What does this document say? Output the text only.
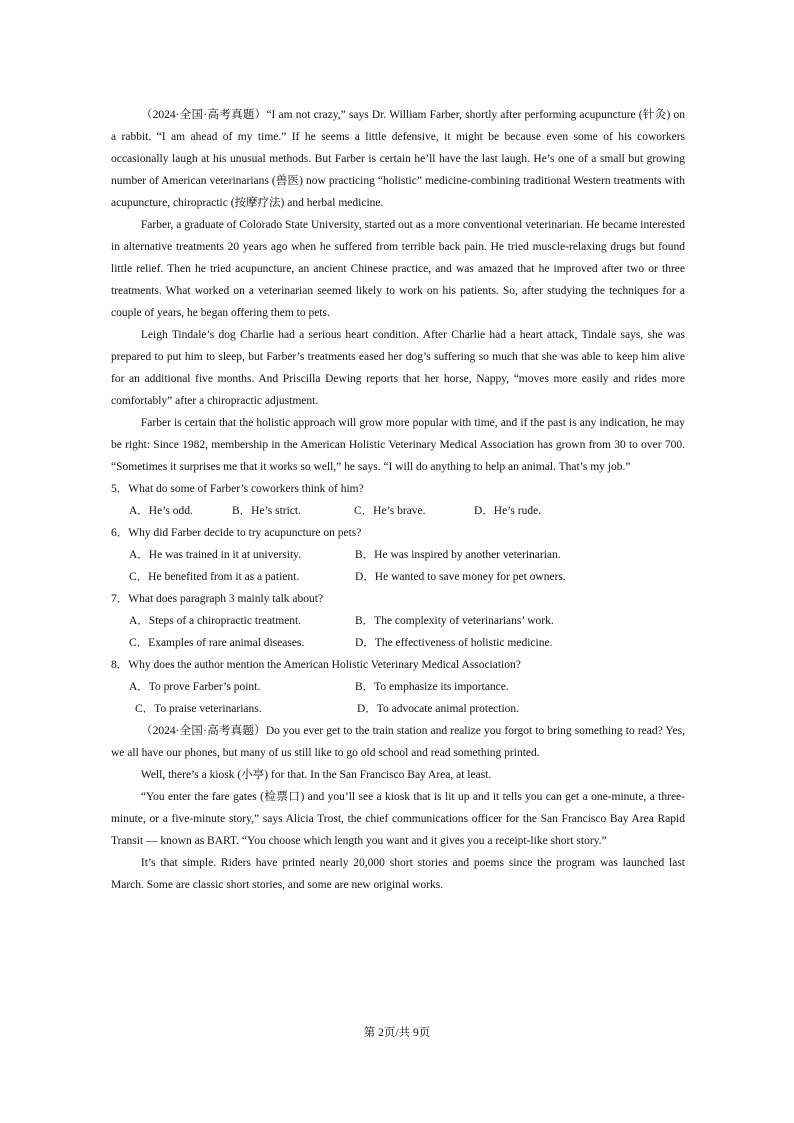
（2024·全国·高考真题）“I am not crazy,” says Dr. William Farber, shortly after performing acupuncture (针灸) on a rabbit. “I am ahead of my time.” If he seems a little defensive, it might be because even some of his coworkers occasionally laugh at his unusual methods. But Farber is certain he’ll have the last laugh. He’s one of a small but growing number of American veterinarians (兽医) now practicing “holistic” medicine-combining traditional Western treatments with acupuncture, chiropractic (按摩疗法) and herbal medicine.

Farber, a graduate of Colorado State University, started out as a more conventional veterinarian. He became interested in alternative treatments 20 years ago when he suffered from terrible back pain. He tried muscle-relaxing drugs but found little relief. Then he tried acupuncture, an ancient Chinese practice, and was amazed that he improved after two or three treatments. What worked on a veterinarian seemed likely to work on his patients. So, after studying the techniques for a couple of years, he began offering them to pets.

Leigh Tindale’s dog Charlie had a serious heart condition. After Charlie had a heart attack, Tindale says, she was prepared to put him to sleep, but Farber’s treatments eased her dog’s suffering so much that she was able to keep him alive for an additional five months. And Priscilla Dewing reports that her horse, Nappy, “moves more easily and rides more comfortably” after a chiropractic adjustment.

Farber is certain that the holistic approach will grow more popular with time, and if the past is any indication, he may be right: Since 1982, membership in the American Holistic Veterinary Medical Association has grown from 30 to over 700. “Sometimes it surprises me that it works so well,” he says. “I will do anything to help an animal. That’s my job.”

5．What do some of Farber’s coworkers think of him?

A．He’s odd.	B．He’s strict.	C．He’s brave.	D．He’s rude.

6．Why did Farber decide to try acupuncture on pets?

A．He was trained in it at university.	B．He was inspired by another veterinarian.
C．He benefited from it as a patient.	D．He wanted to save money for pet owners.

7．What does paragraph 3 mainly talk about?

A．Steps of a chiropractic treatment.	B．The complexity of veterinarians’ work.
C．Examples of rare animal diseases.	D．The effectiveness of holistic medicine.

8．Why does the author mention the American Holistic Veterinary Medical Association?

A．To prove Farber’s point.	B．To emphasize its importance.
C．To praise veterinarians.	D．To advocate animal protection.

（2024·全国·高考真题）Do you ever get to the train station and realize you forgot to bring something to read? Yes, we all have our phones, but many of us still like to go old school and read something printed.

Well, there’s a kiosk (小亭) for that. In the San Francisco Bay Area, at least.

“You enter the fare gates (检票口) and you’ll see a kiosk that is lit up and it tells you can get a one-minute, a three-minute, or a five-minute story,” says Alicia Trost, the chief communications officer for the San Francisco Bay Area Rapid Transit — known as BART. “You choose which length you want and it gives you a receipt-like short story.”

It’s that simple. Riders have printed nearly 20,000 short stories and poems since the program was launched last March. Some are classic short stories, and some are new original works.

第 2页/共 9页
